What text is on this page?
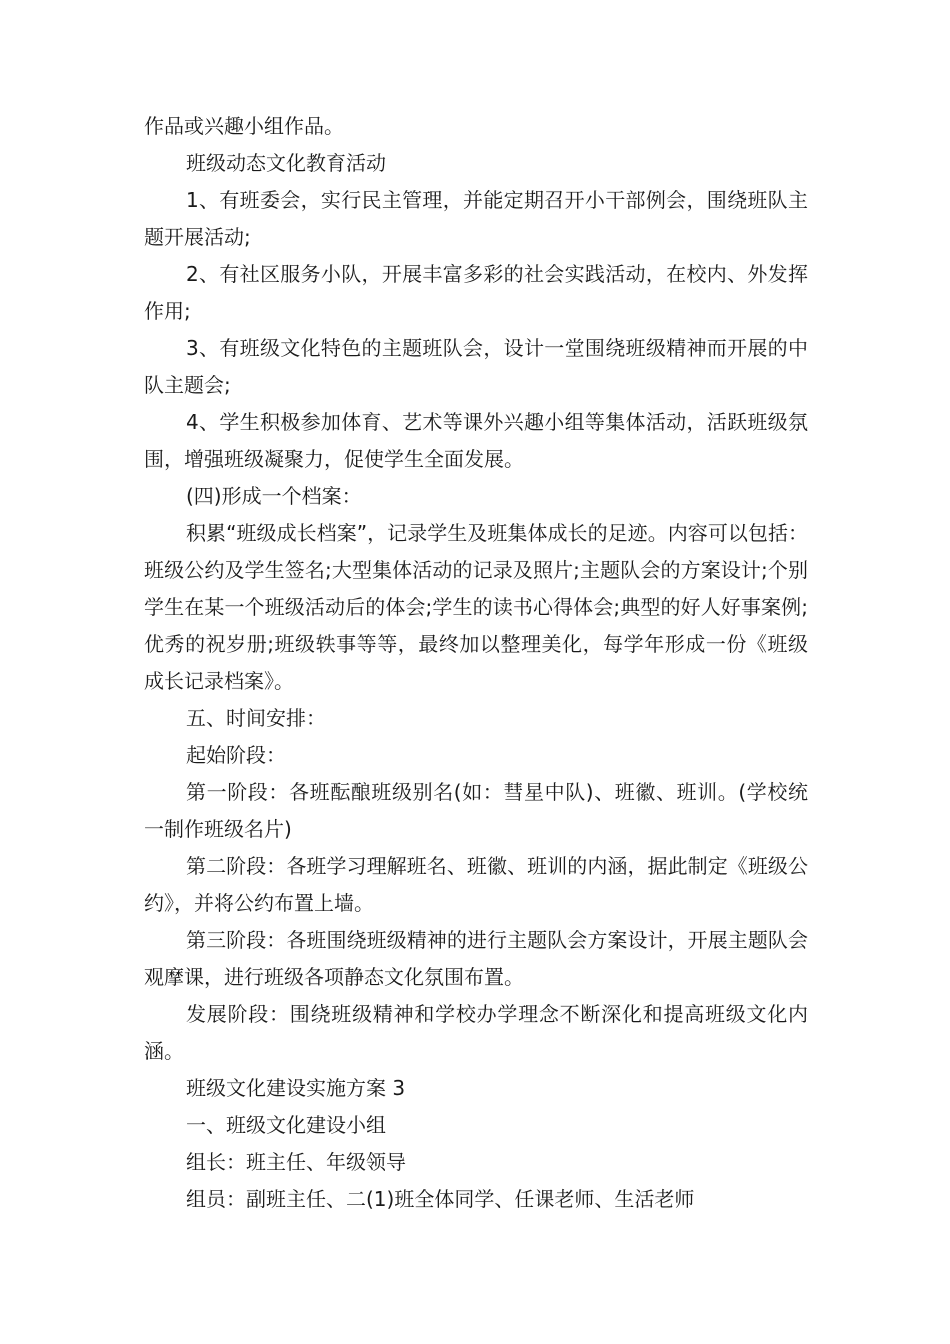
作品或兴趣小组作品。

班级动态文化教育活动

1、有班委会，实行民主管理，并能定期召开小干部例会，围绕班队主题开展活动;

2、有社区服务小队，开展丰富多彩的社会实践活动，在校内、外发挥作用;

3、有班级文化特色的主题班队会，设计一堂围绕班级精神而开展的中队主题会;

4、学生积极参加体育、艺术等课外兴趣小组等集体活动，活跃班级氛围，增强班级凝聚力，促使学生全面发展。

(四)形成一个档案：

积累“班级成长档案”，记录学生及班集体成长的足迹。内容可以包括：班级公约及学生签名;大型集体活动的记录及照片;主题队会的方案设计;个别学生在某一个班级活动后的体会;学生的读书心得体会;典型的好人好事案例;优秀的祝岁册;班级轶事等等，最终加以整理美化，每学年形成一份《班级成长记录档案》。

五、时间安排：

起始阶段：

第一阶段：各班酝酿班级别名(如：彗星中队)、班徽、班训。(学校统一制作班级名片)

第二阶段：各班学习理解班名、班徽、班训的内涵，据此制定《班级公约》，并将公约布置上墙。

第三阶段：各班围绕班级精神的进行主题队会方案设计，开展主题队会观摩课，进行班级各项静态文化氛围布置。

发展阶段：围绕班级精神和学校办学理念不断深化和提高班级文化内涵。

班级文化建设实施方案 3

一、班级文化建设小组

组长：班主任、年级领导

组员：副班主任、二(1)班全体同学、任课老师、生活老师
